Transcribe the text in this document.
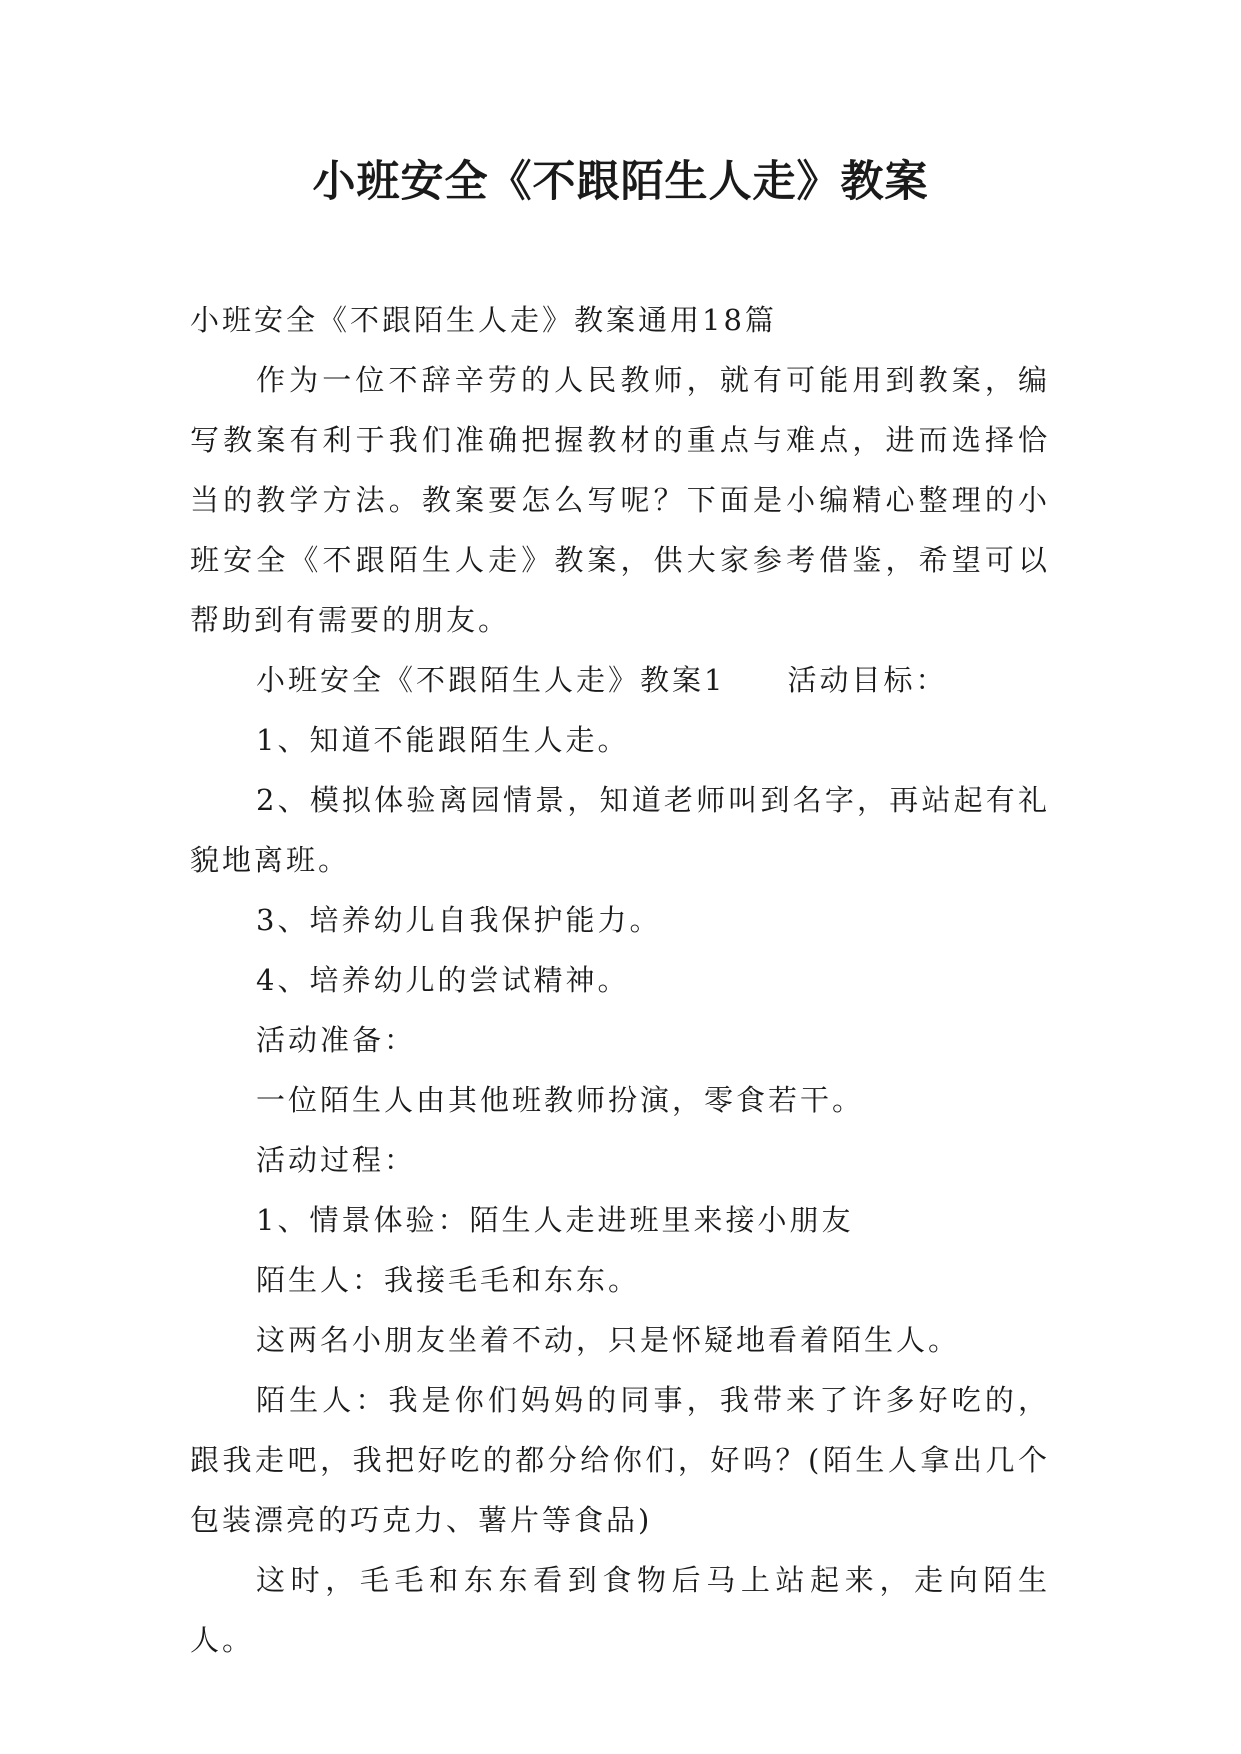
小班安全《不跟陌生人走》教案

小班安全《不跟陌生人走》教案通用18篇

作为一位不辞辛劳的人民教师，就有可能用到教案，编写教案有利于我们准确把握教材的重点与难点，进而选择恰当的教学方法。教案要怎么写呢？下面是小编精心整理的小班安全《不跟陌生人走》教案，供大家参考借鉴，希望可以帮助到有需要的朋友。

小班安全《不跟陌生人走》教案1 活动目标：

1、知道不能跟陌生人走。

2、模拟体验离园情景，知道老师叫到名字，再站起有礼貌地离班。

3、培养幼儿自我保护能力。

4、培养幼儿的尝试精神。

活动准备：

一位陌生人由其他班教师扮演，零食若干。

活动过程：

1、情景体验：陌生人走进班里来接小朋友

陌生人：我接毛毛和东东。

这两名小朋友坐着不动，只是怀疑地看着陌生人。

陌生人：我是你们妈妈的同事，我带来了许多好吃的，跟我走吧，我把好吃的都分给你们，好吗？(陌生人拿出几个包装漂亮的巧克力、薯片等食品)

这时，毛毛和东东看到食物后马上站起来，走向陌生人。
